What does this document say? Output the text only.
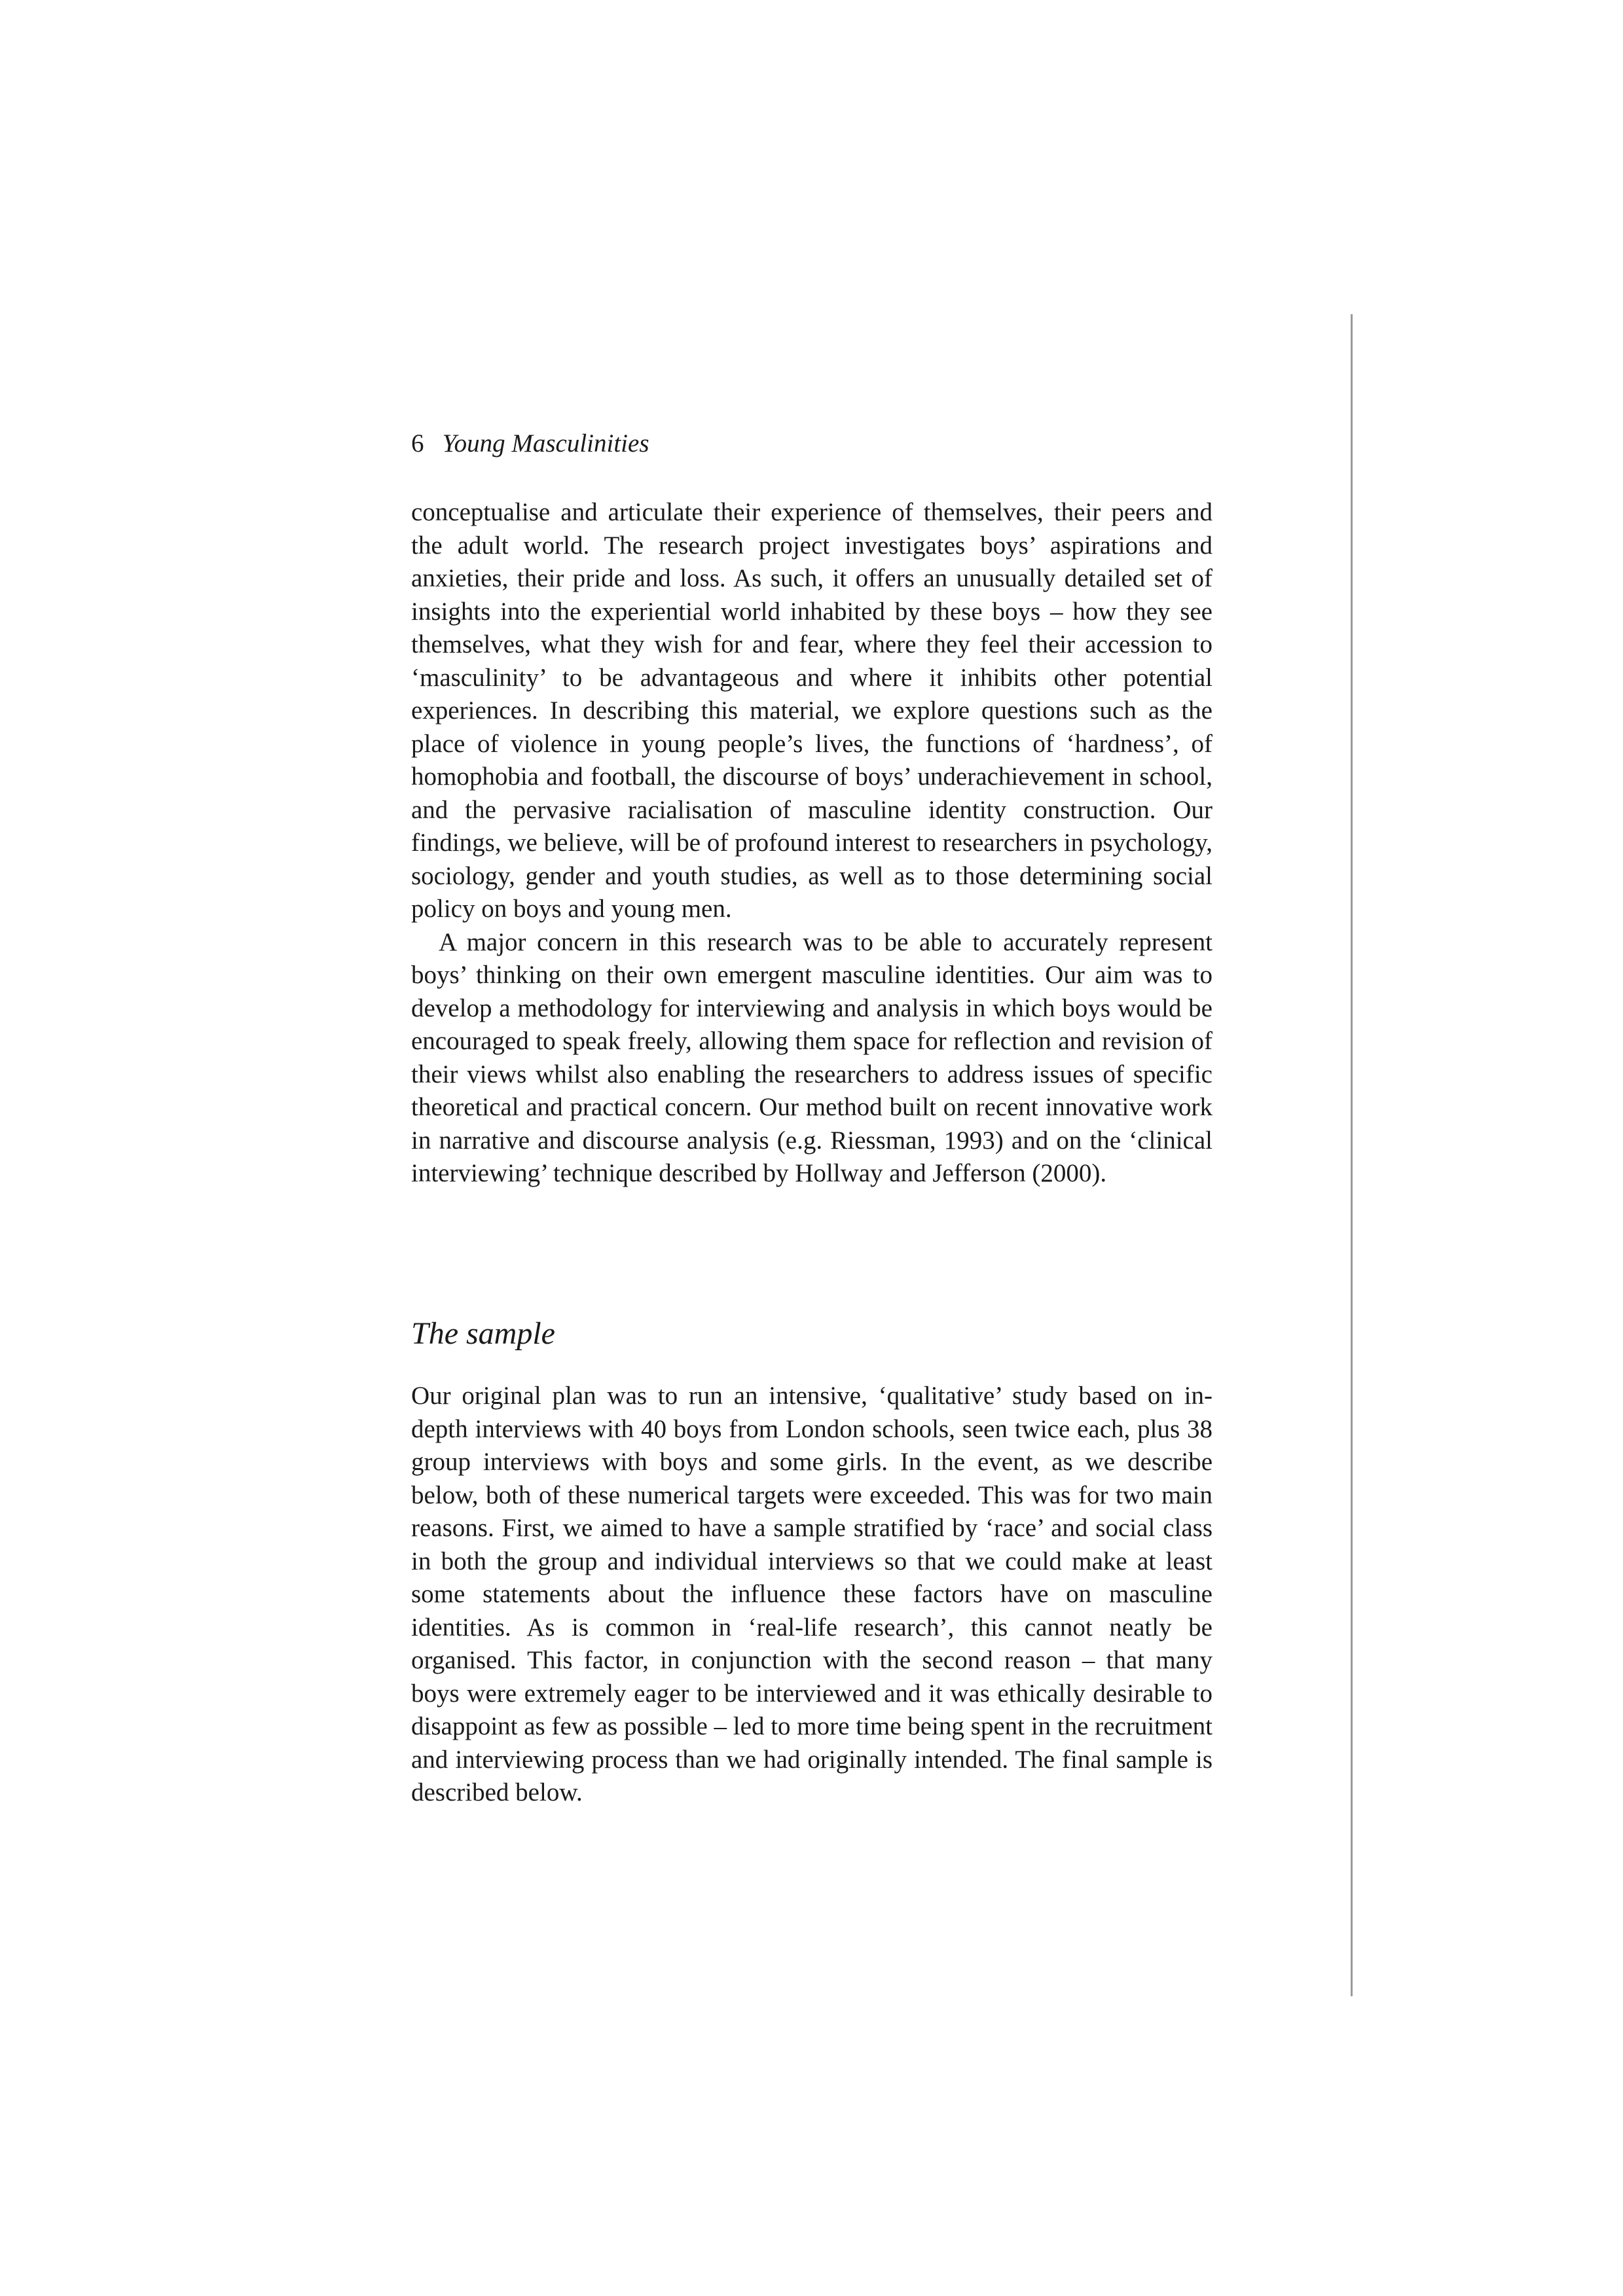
6 Young Masculinities

conceptualise and articulate their experience of themselves, their peers and the adult world. The research project investigates boys’ aspirations and anxieties, their pride and loss. As such, it offers an unusually detailed set of insights into the experiential world inhabited by these boys – how they see themselves, what they wish for and fear, where they feel their accession to ‘masculinity’ to be advantageous and where it inhibits other potential experiences. In describing this material, we explore questions such as the place of violence in young people’s lives, the functions of ‘hardness’, of homophobia and football, the discourse of boys’ underachievement in school, and the pervasive racialisation of masculine identity construction. Our findings, we believe, will be of profound interest to researchers in psychology, sociology, gender and youth studies, as well as to those determining social policy on boys and young men.

A major concern in this research was to be able to accurately represent boys’ thinking on their own emergent masculine identities. Our aim was to develop a methodology for interviewing and analysis in which boys would be encouraged to speak freely, allowing them space for reflection and revision of their views whilst also enabling the researchers to address issues of specific theoretical and practical concern. Our method built on recent innovative work in narrative and discourse analysis (e.g. Riessman, 1993) and on the ‘clinical interviewing’ technique described by Hollway and Jefferson (2000).

The sample

Our original plan was to run an intensive, ‘qualitative’ study based on in-depth interviews with 40 boys from London schools, seen twice each, plus 38 group interviews with boys and some girls. In the event, as we describe below, both of these numerical targets were exceeded. This was for two main reasons. First, we aimed to have a sample stratified by ‘race’ and social class in both the group and individual interviews so that we could make at least some statements about the influence these factors have on masculine identities. As is common in ‘real-life research’, this cannot neatly be organised. This factor, in conjunction with the second reason – that many boys were extremely eager to be interviewed and it was ethically desirable to disappoint as few as possible – led to more time being spent in the recruitment and interviewing process than we had originally intended. The final sample is described below.
